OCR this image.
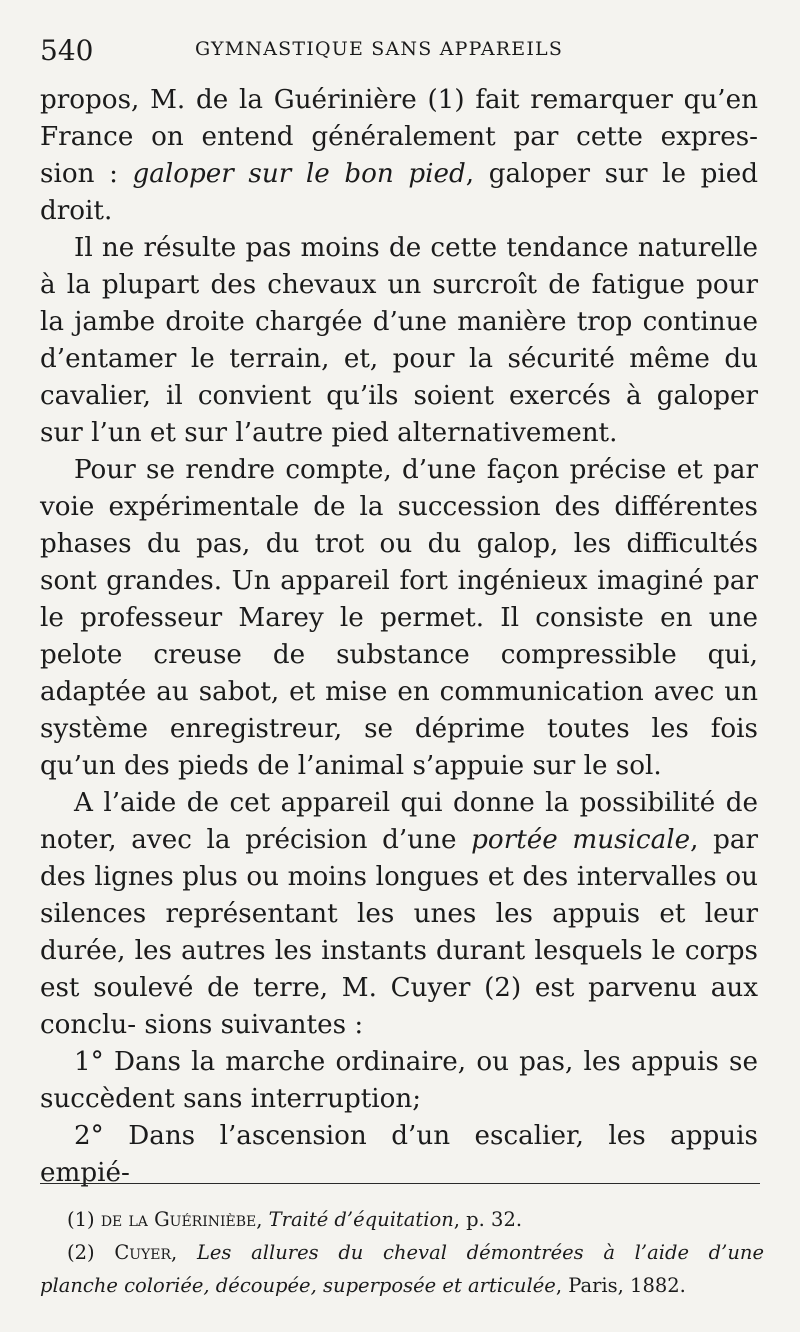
540	GYMNASTIQUE SANS APPAREILS

propos, M. de la Guérinière (1) fait remarquer qu’en France on entend généralement par cette expres- sion : galoper sur le bon pied, galoper sur le pied droit.

Il ne résulte pas moins de cette tendance naturelle à la plupart des chevaux un surcroît de fatigue pour la jambe droite chargée d’une manière trop continue d’entamer le terrain, et, pour la sécurité même du cavalier, il convient qu’ils soient exercés à galoper sur l’un et sur l’autre pied alternativement.

Pour se rendre compte, d’une façon précise et par voie expérimentale de la succession des différentes phases du pas, du trot ou du galop, les difficultés sont grandes. Un appareil fort ingénieux imaginé par le professeur Marey le permet. Il consiste en une pelote creuse de substance compressible qui, adaptée au sabot, et mise en communication avec un système enregistreur, se déprime toutes les fois qu’un des pieds de l’animal s’appuie sur le sol.

A l’aide de cet appareil qui donne la possibilité de noter, avec la précision d’une portée musicale, par des lignes plus ou moins longues et des intervalles ou silences représentant les unes les appuis et leur durée, les autres les instants durant lesquels le corps est soulevé de terre, M. Cuyer (2) est parvenu aux conclu- sions suivantes :

1° Dans la marche ordinaire, ou pas, les appuis se succèdent sans interruption;

2° Dans l’ascension d’un escalier, les appuis empié-

(1) de la Guérinièbe, Traité d’équitation, p. 32.

(2) Cuyer, Les allures du cheval démontrées à l’aide d’une
planche coloriée, découpée, superposée et articulée, Paris, 1882.
